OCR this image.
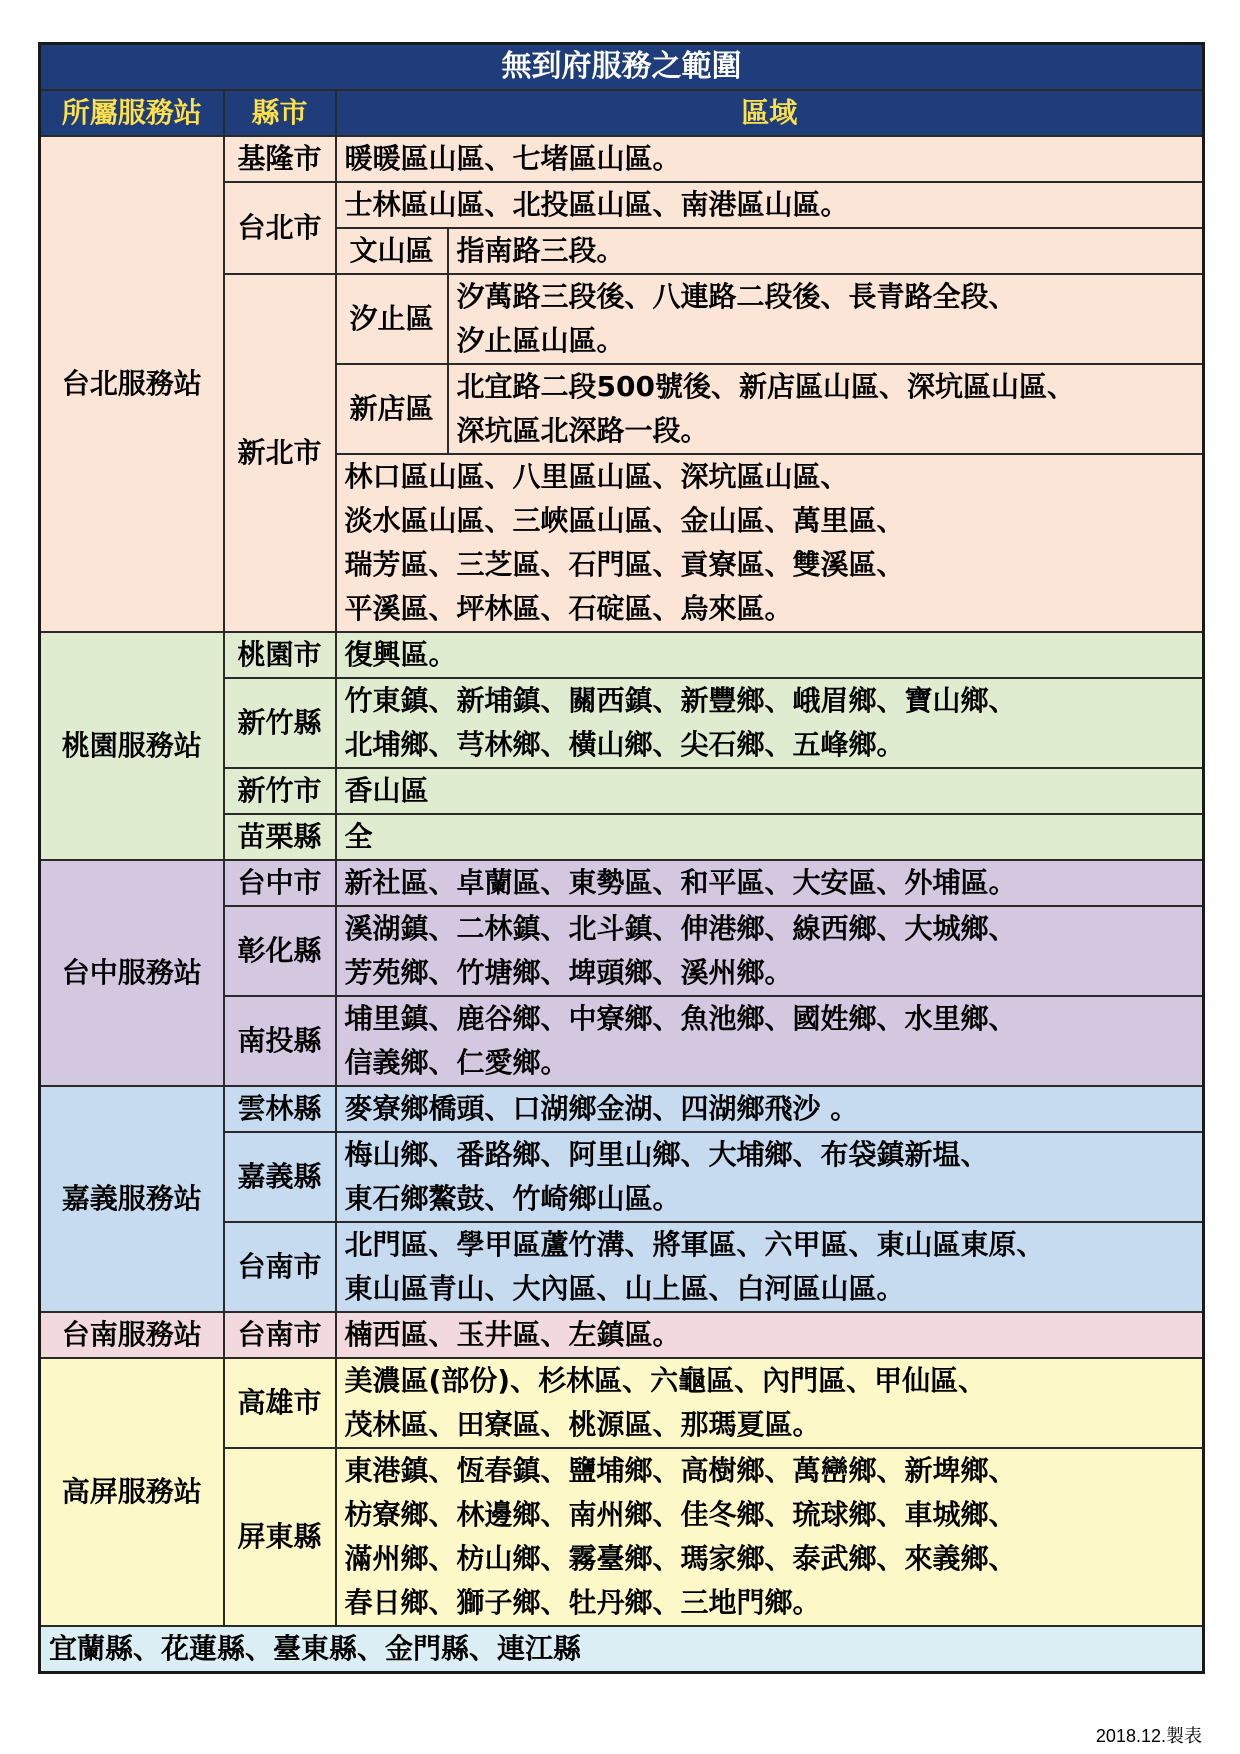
無到府服務之範圍			
所屬服務站	縣市	區域	
台北服務站	基隆市	暖暖區山區、七堵區山區。	
	台北市	士林區山區、北投區山區、南港區山區。	
		文山區	指南路三段。
	新北市	汐止區	汐萬路三段後、八連路二段後、長青路全段、
汐止區山區。
		新店區	北宜路二段500號後、新店區山區、深坑區山區、
深坑區北深路一段。
		林口區山區、八里區山區、深坑區山區、
淡水區山區、三峽區山區、金山區、萬里區、
瑞芳區、三芝區、石門區、貢寮區、雙溪區、
平溪區、坪林區、石碇區、烏來區。	
桃園服務站	桃園市	復興區。	
	新竹縣	竹東鎮、新埔鎮、關西鎮、新豐鄉、峨眉鄉、寶山鄉、
北埔鄉、芎林鄉、橫山鄉、尖石鄉、五峰鄉。	
	新竹市	香山區	
	苗栗縣	全	
台中服務站	台中市	新社區、卓蘭區、東勢區、和平區、大安區、外埔區。	
	彰化縣	溪湖鎮、二林鎮、北斗鎮、伸港鄉、線西鄉、大城鄉、
芳苑鄉、竹塘鄉、埤頭鄉、溪州鄉。	
	南投縣	埔里鎮、鹿谷鄉、中寮鄉、魚池鄉、國姓鄉、水里鄉、
信義鄉、仁愛鄉。	
嘉義服務站	雲林縣	麥寮鄉橋頭、口湖鄉金湖、四湖鄉飛沙 。	
	嘉義縣	梅山鄉、番路鄉、阿里山鄉、大埔鄉、布袋鎮新塭、
東石鄉鰲鼓、竹崎鄉山區。	
	台南市	北門區、學甲區蘆竹溝、將軍區、六甲區、東山區東原、
東山區青山、大內區、山上區、白河區山區。	
台南服務站	台南市	楠西區、玉井區、左鎮區。	
高屏服務站	高雄市	美濃區(部份)、杉林區、六龜區、內門區、甲仙區、
茂林區、田寮區、桃源區、那瑪夏區。	
	屏東縣	東港鎮、恆春鎮、鹽埔鄉、高樹鄉、萬巒鄉、新埤鄉、
枋寮鄉、林邊鄉、南州鄉、佳冬鄉、琉球鄉、車城鄉、
滿州鄉、枋山鄉、霧臺鄉、瑪家鄉、泰武鄉、來義鄉、
春日鄉、獅子鄉、牡丹鄉、三地門鄉。	
宜蘭縣、花蓮縣、臺東縣、金門縣、連江縣			
2018.12.製表
